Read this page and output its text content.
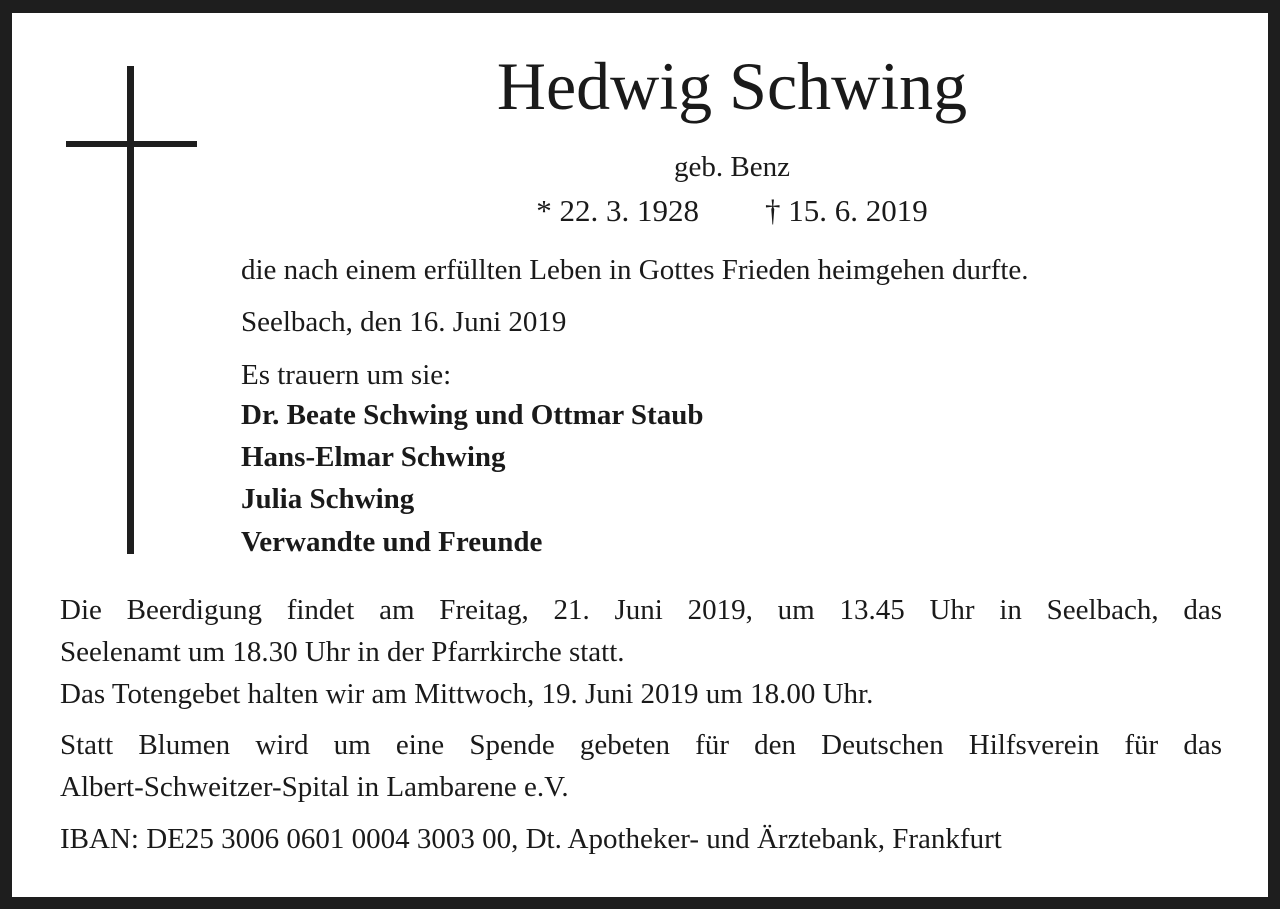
Hedwig Schwing
geb. Benz
* 22. 3. 1928 † 15. 6. 2019
die nach einem erfüllten Leben in Gottes Frieden heimgehen durfte.
Seelbach, den 16. Juni 2019
Es trauern um sie:
Dr. Beate Schwing und Ottmar Staub
Hans-Elmar Schwing
Julia Schwing
Verwandte und Freunde
Die Beerdigung findet am Freitag, 21. Juni 2019, um 13.45 Uhr in Seelbach, das
Seelenamt um 18.30 Uhr in der Pfarrkirche statt.
Das Totengebet halten wir am Mittwoch, 19. Juni 2019 um 18.00 Uhr.
Statt Blumen wird um eine Spende gebeten für den Deutschen Hilfsverein für das
Albert-Schweitzer-Spital in Lambarene e.V.
IBAN: DE25 3006 0601 0004 3003 00, Dt. Apotheker- und Ärztebank, Frankfurt
